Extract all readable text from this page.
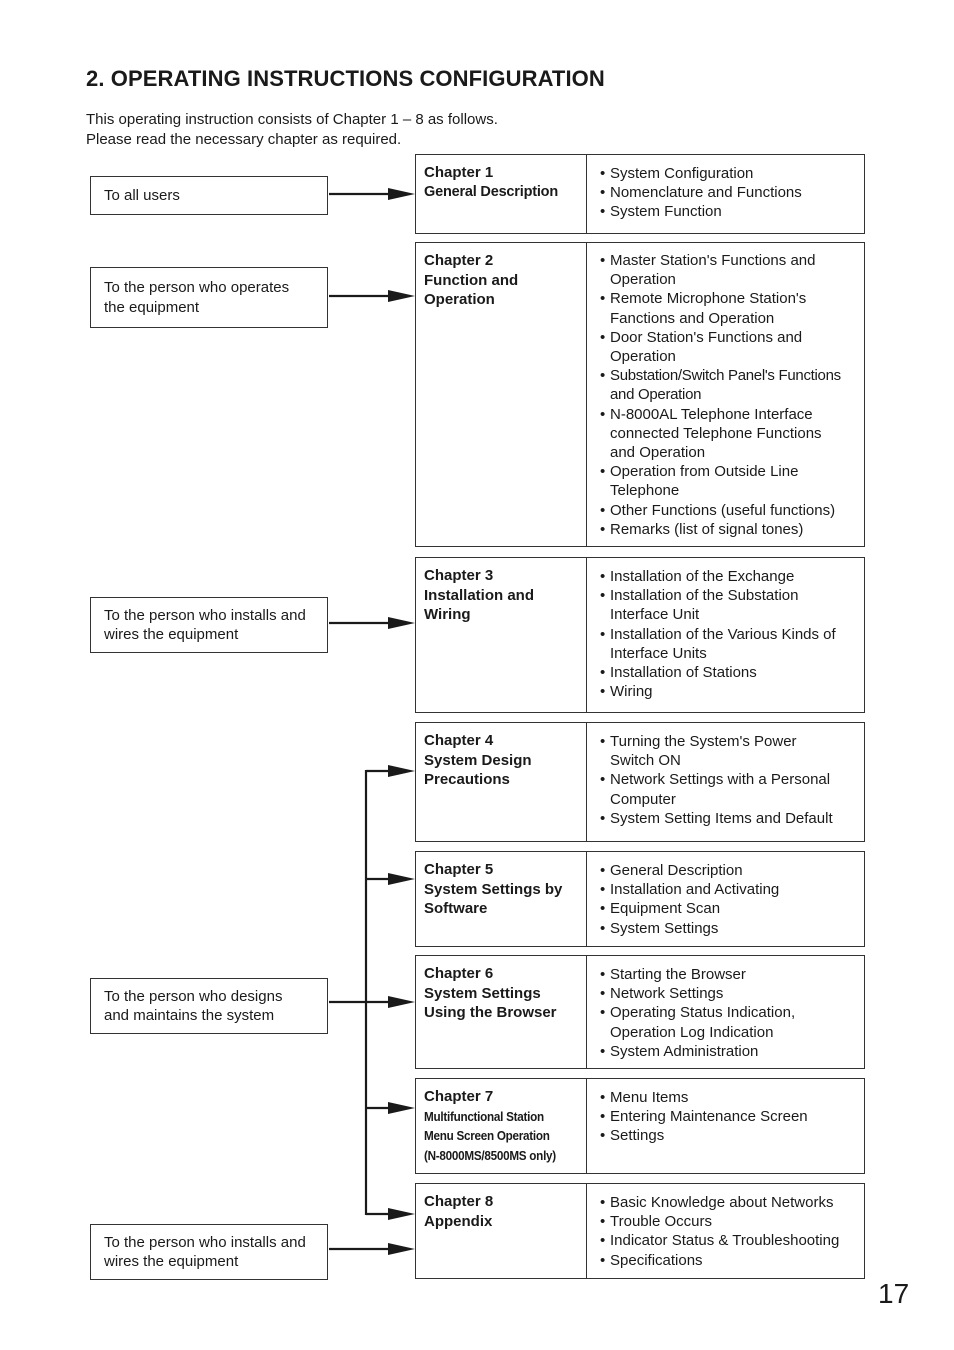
2. OPERATING INSTRUCTIONS CONFIGURATION
This operating instruction consists of Chapter 1 – 8 as follows.
Please read the necessary chapter as required.
To all users
To the person who operates
the equipment
To the person who installs and
wires the equipment
To the person who designs
and maintains the system
To the person who installs and
wires the equipment
Chapter 1
General Description
• System Configuration
• Nomenclature and Functions
• System Function
Chapter 2
Function and
Operation
• Master Station's Functions and
Operation
• Remote Microphone Station's
Fanctions and Operation
• Door Station's Functions and
Operation
• Substation/Switch Panel's Functions
and Operation
• N-8000AL Telephone Interface
connected Telephone Functions
and Operation
• Operation from Outside Line
Telephone
• Other Functions (useful functions)
• Remarks (list of signal tones)
Chapter 3
Installation and
Wiring
• Installation of the Exchange
• Installation of the Substation
Interface Unit
• Installation of the Various Kinds of
Interface Units
• Installation of Stations
• Wiring
Chapter 4
System Design
Precautions
• Turning the System's Power
Switch ON
• Network Settings with a Personal
Computer
• System Setting Items and Default
Chapter 5
System Settings by
Software
• General Description
• Installation and Activating
• Equipment Scan
• System Settings
Chapter 6
System Settings
Using the Browser
• Starting the Browser
• Network Settings
• Operating Status Indication,
Operation Log Indication
• System Administration
Chapter 7
Multifunctional Station
Menu Screen Operation
(N-8000MS/8500MS only)
• Menu Items
• Entering Maintenance Screen
• Settings
Chapter 8
Appendix
• Basic Knowledge about Networks
• Trouble Occurs
• Indicator Status & Troubleshooting
• Specifications
17
